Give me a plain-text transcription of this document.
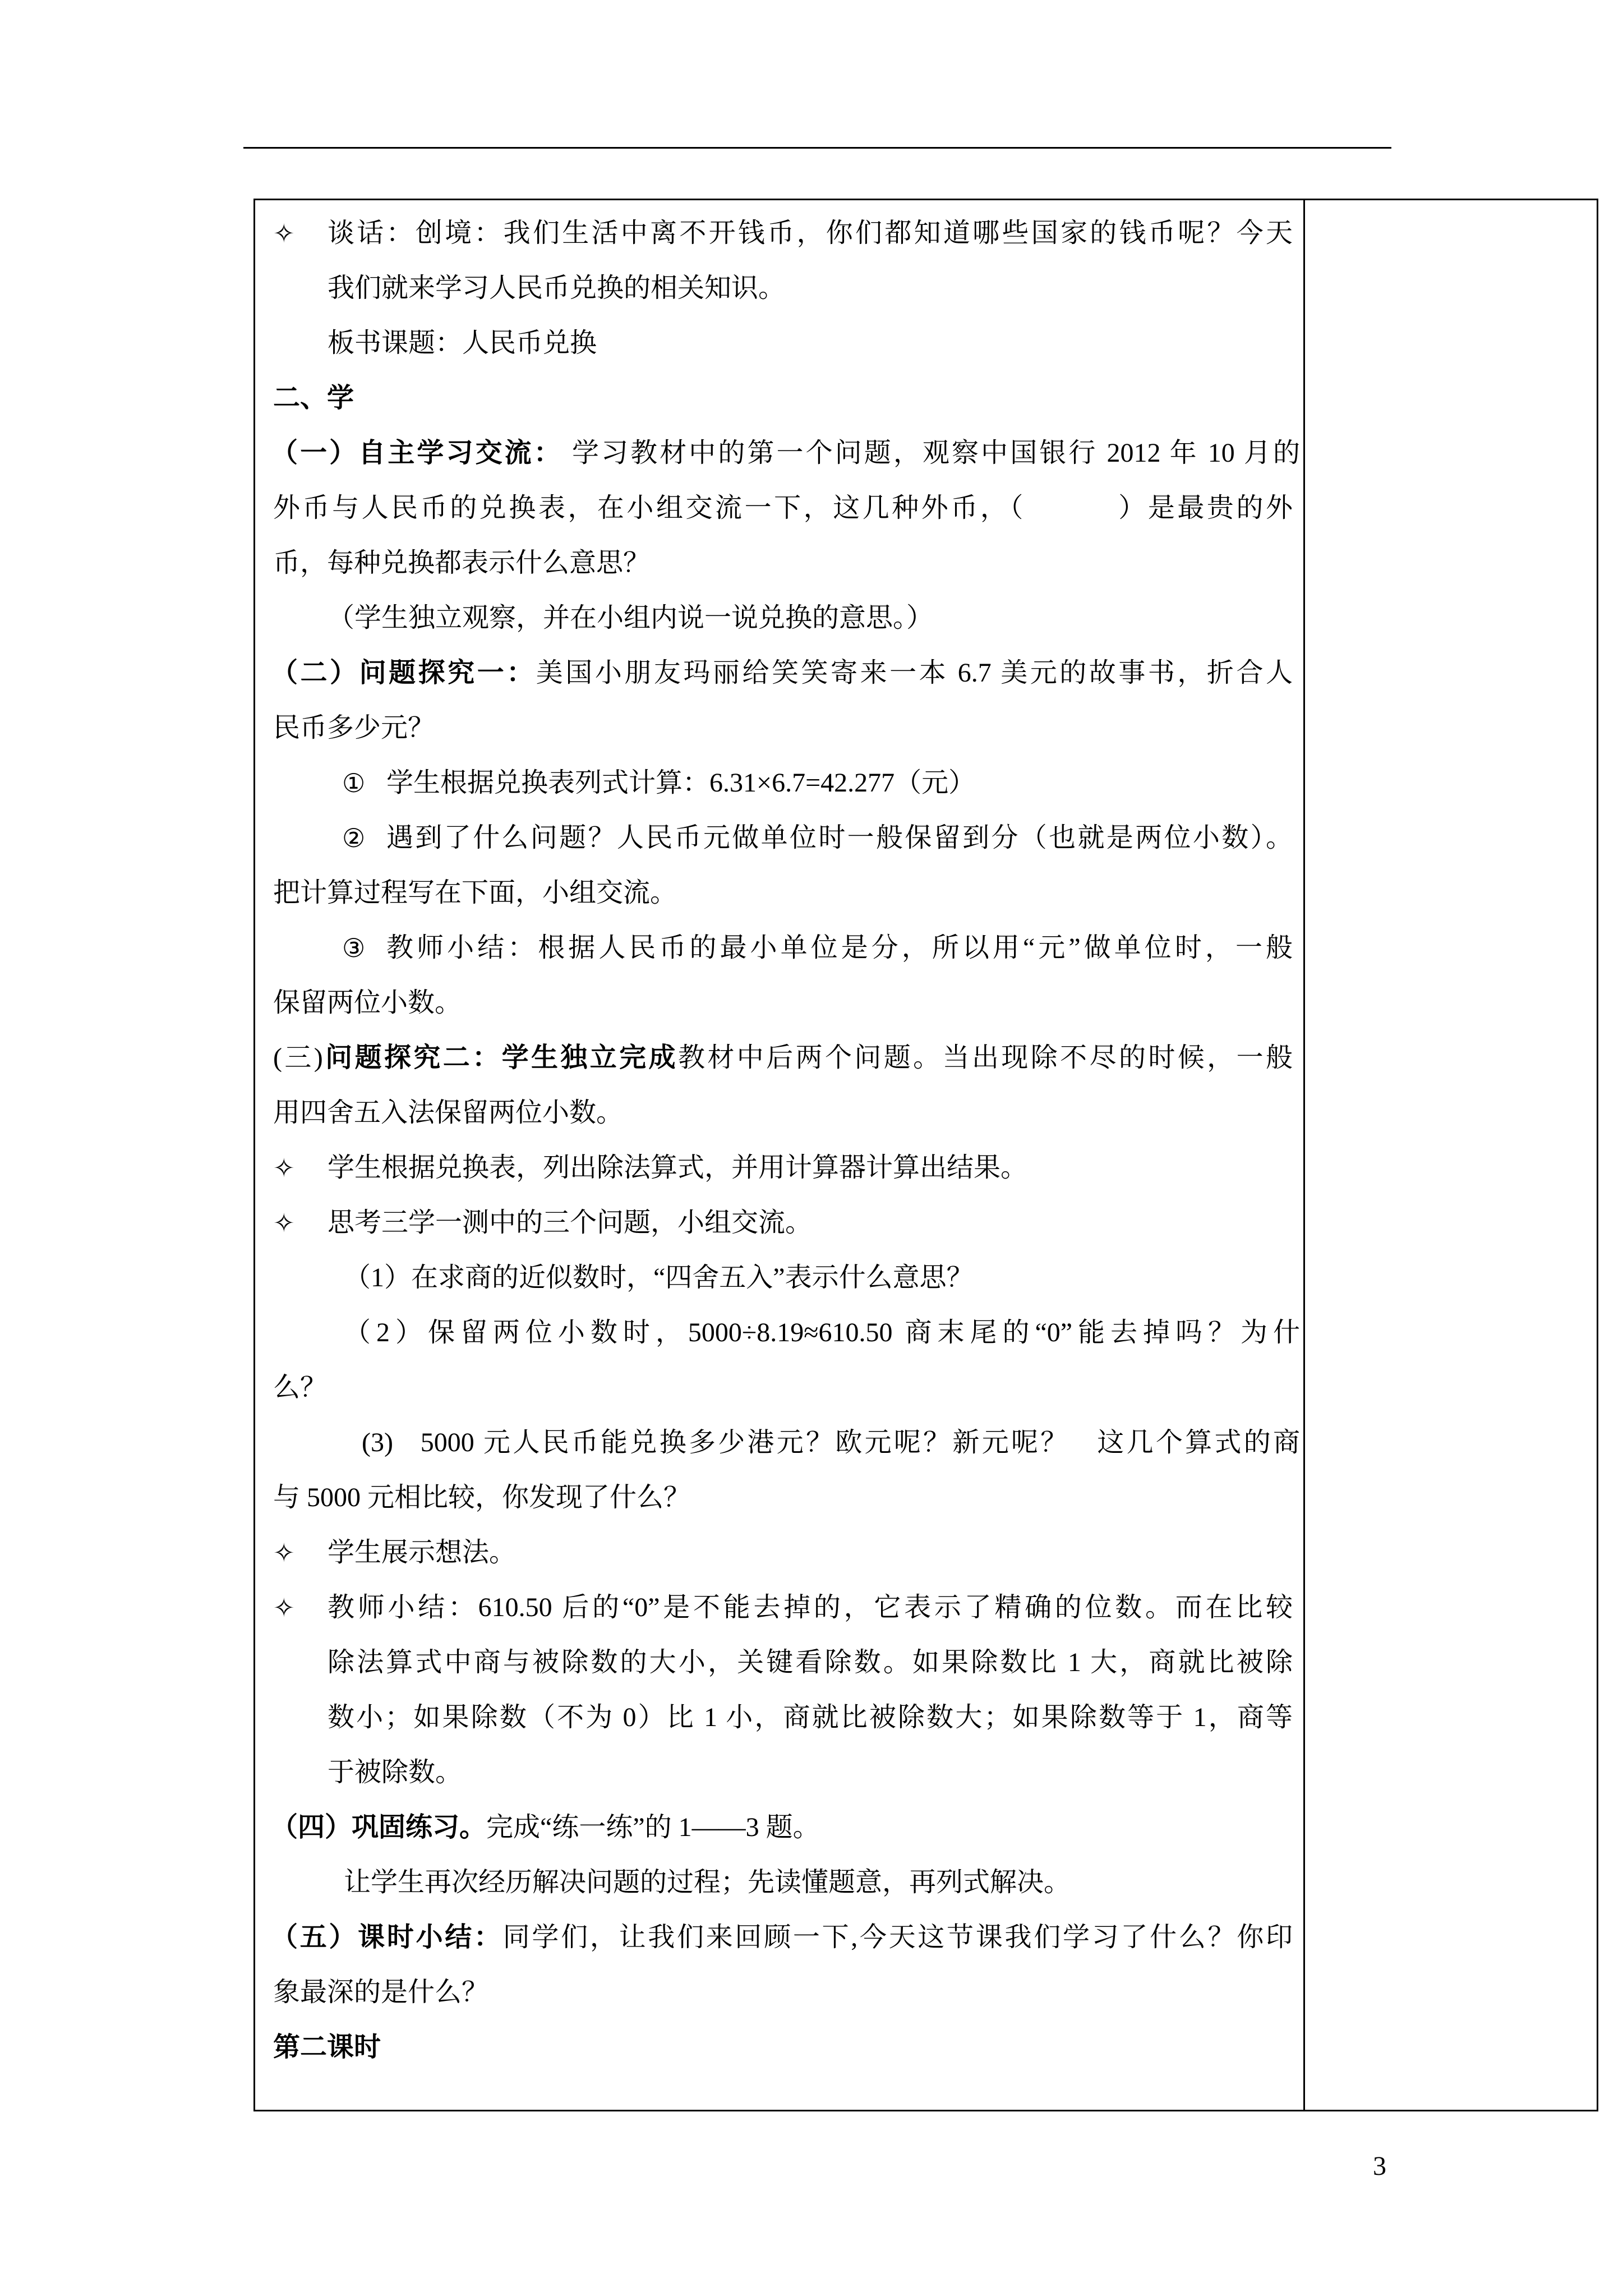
✧ 谈话：创境：我们生活中离不开钱币，你们都知道哪些国家的钱币呢？今天
我们就来学习人民币兑换的相关知识。
板书课题：人民币兑换
二、学
（一）自主学习交流： 学习教材中的第一个问题，观察中国银行 2012 年 10 月的
外币与人民币的兑换表，在小组交流一下，这几种外币，（          ）是最贵的外
币，每种兑换都表示什么意思？
（学生独立观察，并在小组内说一说兑换的意思。）
（二）问题探究一：美国小朋友玛丽给笑笑寄来一本 6.7 美元的故事书，折合人
民币多少元？
① 学生根据兑换表列式计算：6.31×6.7=42.277（元）
② 遇到了什么问题？人民币元做单位时一般保留到分（也就是两位小数）。
把计算过程写在下面，小组交流。
③ 教师小结：根据人民币的最小单位是分，所以用“元”做单位时，一般
保留两位小数。
(三)问题探究二：学生独立完成教材中后两个问题。当出现除不尽的时候，一般
用四舍五入法保留两位小数。
✧ 学生根据兑换表，列出除法算式，并用计算器计算出结果。
✧ 思考三学一测中的三个问题，小组交流。
（1）在求商的近似数时，“四舍五入”表示什么意思？
（2）保留两位小数时，5000÷8.19≈610.50 商末尾的“0”能去掉吗？为什
么？
(3)   5000 元人民币能兑换多少港元？欧元呢？新元呢？   这几个算式的商
与 5000 元相比较，你发现了什么？
✧ 学生展示想法。
✧ 教师小结：610.50 后的“0”是不能去掉的，它表示了精确的位数。而在比较
除法算式中商与被除数的大小，关键看除数。如果除数比 1 大，商就比被除
数小；如果除数（不为 0）比 1 小，商就比被除数大；如果除数等于 1，商等
于被除数。
（四）巩固练习。完成“练一练”的 1——3 题。
让学生再次经历解决问题的过程；先读懂题意，再列式解决。
（五）课时小结：同学们，让我们来回顾一下,今天这节课我们学习了什么？你印
象最深的是什么？
第二课时
3
